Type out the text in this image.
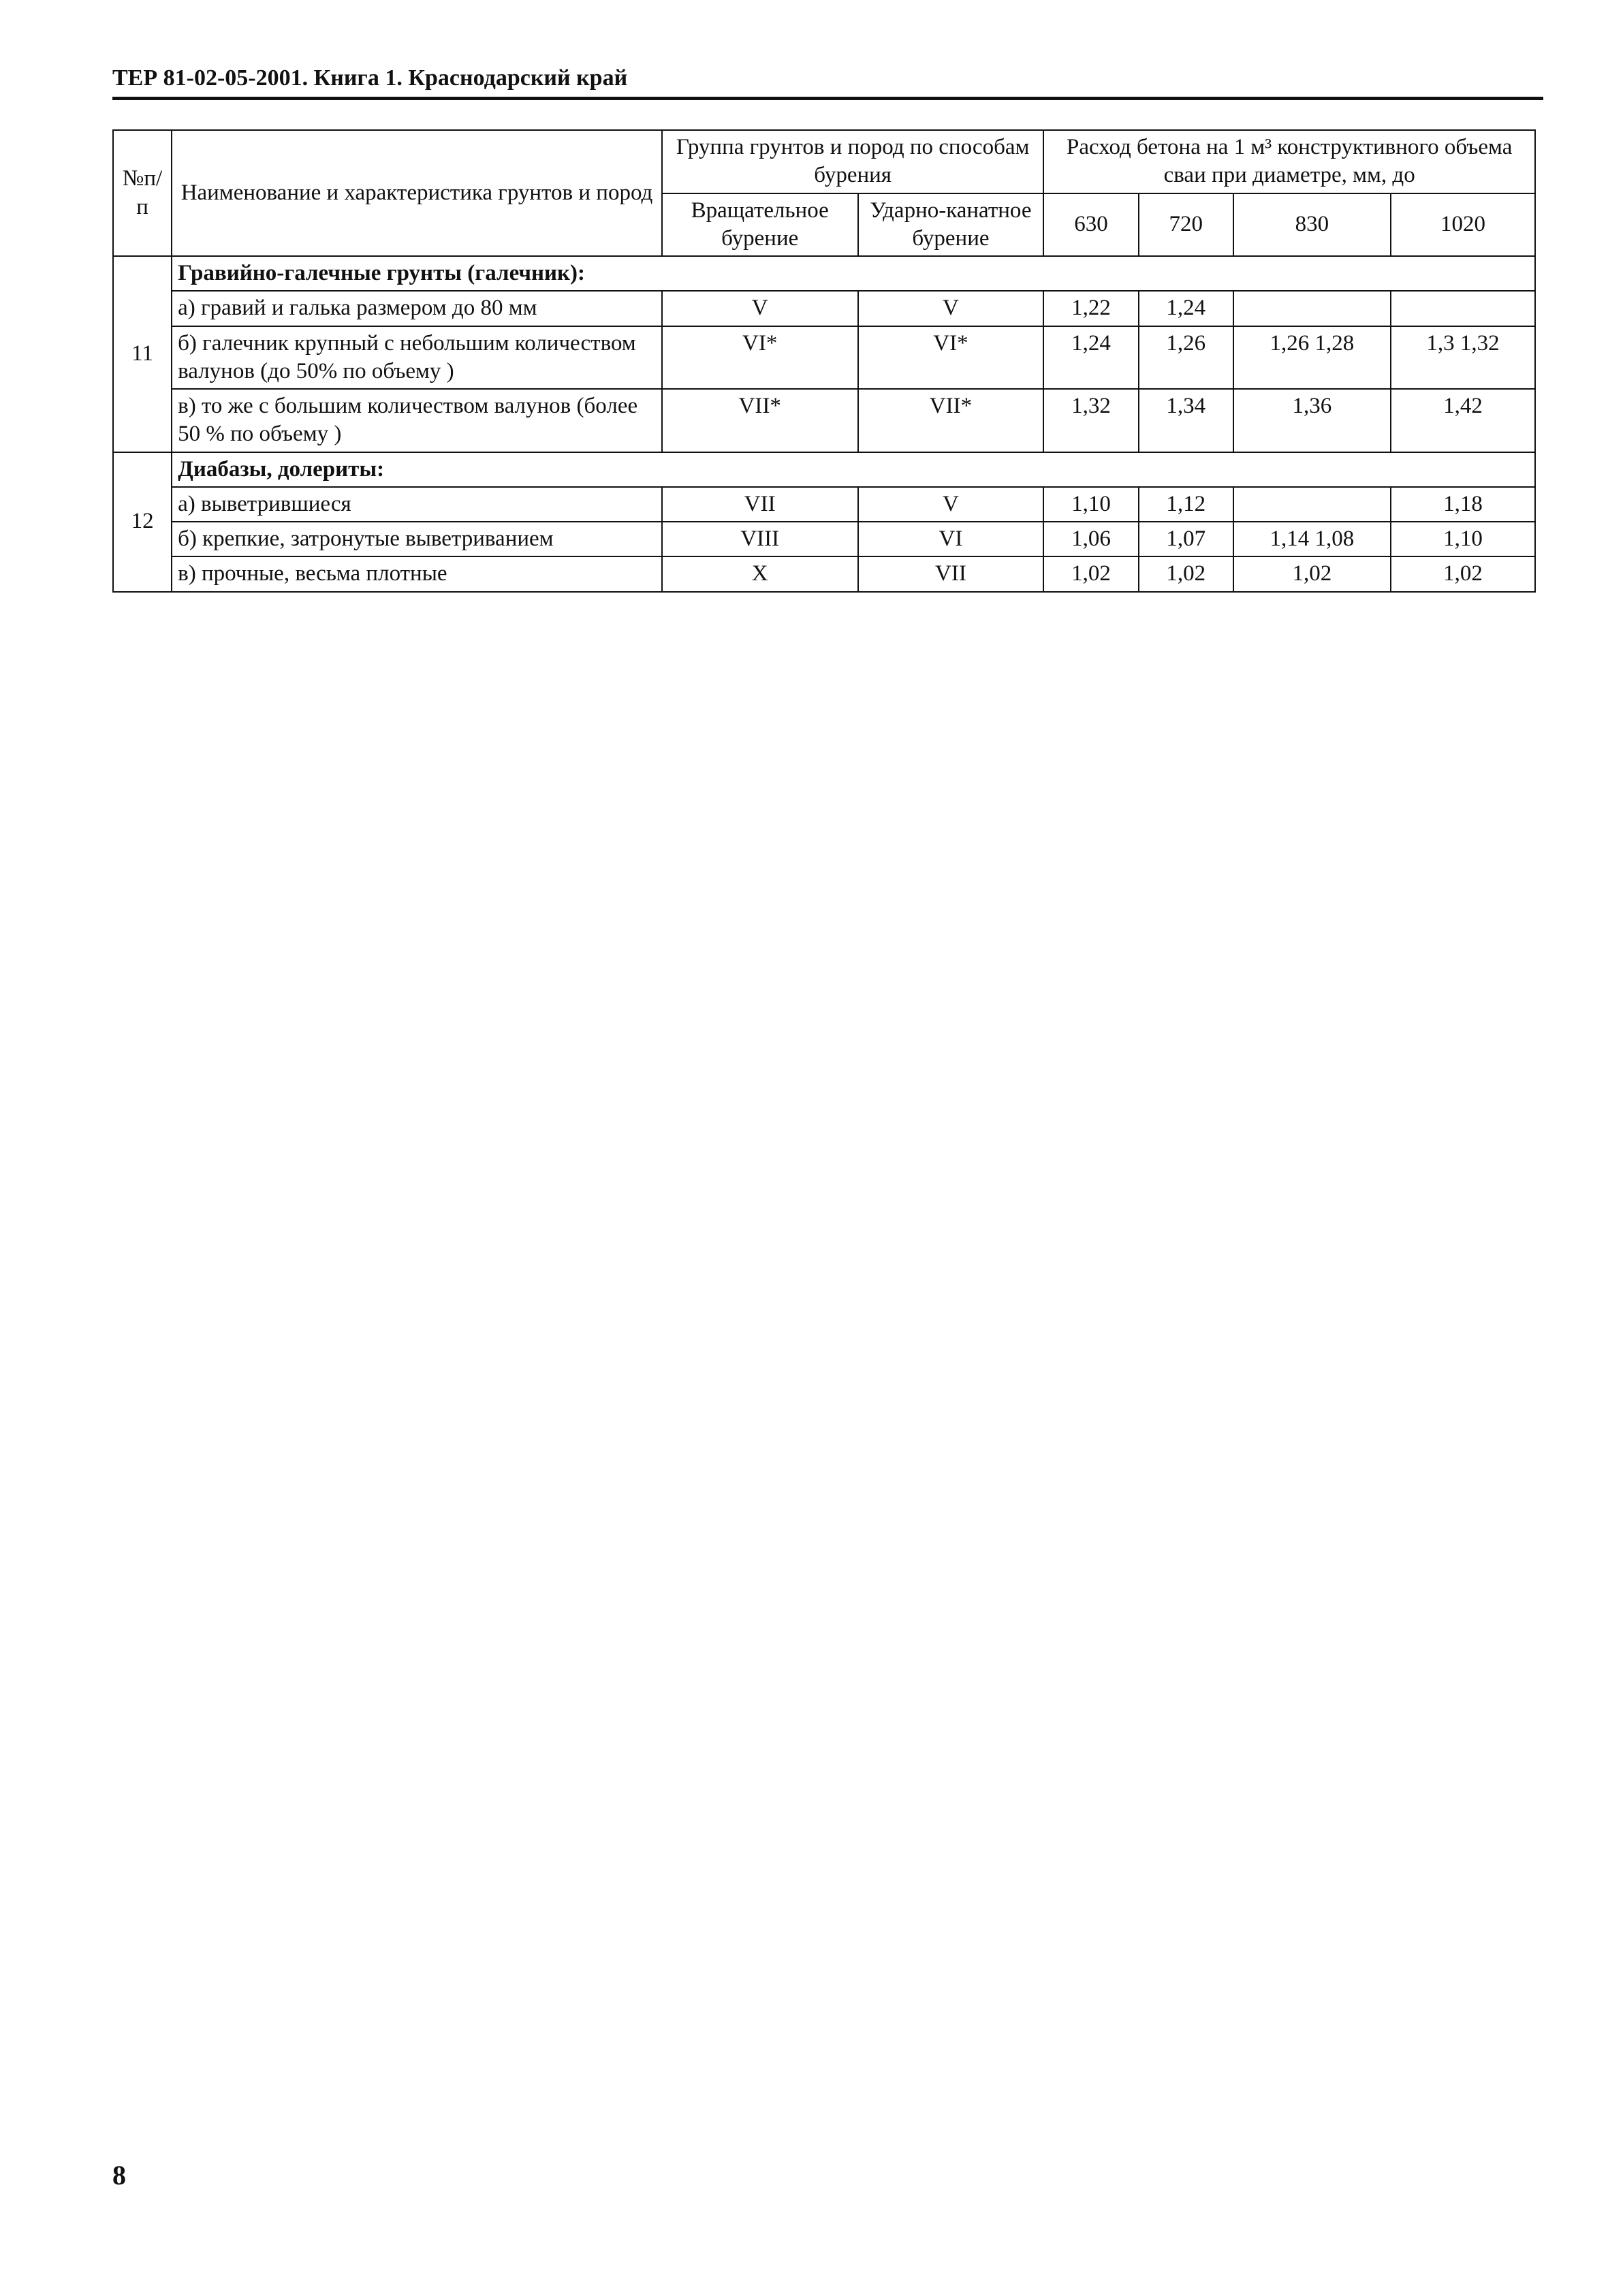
ТЕР 81-02-05-2001. Книга 1. Краснодарский край
№п/п	Наименование и характеристика грунтов и пород	Группа грунтов и пород по способам бурения		Расход бетона на 1 м³ конструктивного объема сваи при диаметре, мм, до			
		Вращательное бурение	Ударно-канатное бурение	630	720	830	1020
11	Гравийно-галечные грунты (галечник):						
	а) гравий и галька размером до 80 мм	V	V	1,22	1,24		
	б) галечник крупный с небольшим количеством валунов (до 50% по объему )	VI*	VI*	1,24	1,26	1,26 1,28	1,3 1,32
	в) то же с большим количеством валунов (более 50 % по объему )	VII*	VII*	1,32	1,34	1,36	1,42
12	Диабазы, долериты:						
	а) выветрившиеся	VII	V	1,10	1,12		1,18
	б) крепкие, затронутые выветриванием	VIII	VI	1,06	1,07	1,14 1,08	1,10
	в) прочные, весьма плотные	X	VII	1,02	1,02	1,02	1,02
8
